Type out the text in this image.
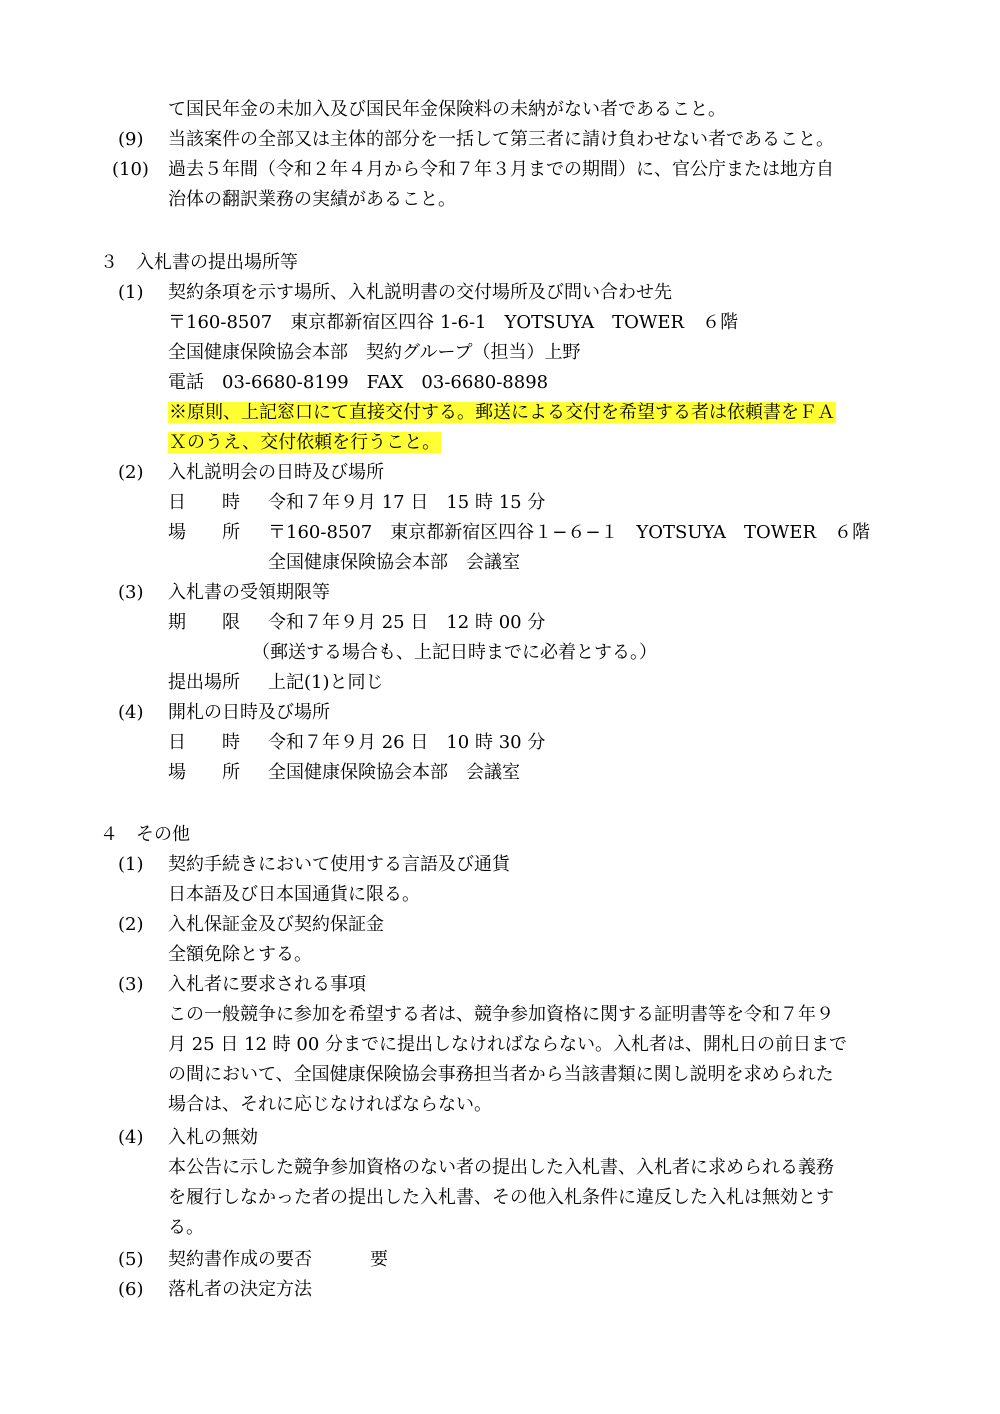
て国民年金の未加入及び国民年金保険料の未納がない者であること。
(9) 当該案件の全部又は主体的部分を一括して第三者に請け負わせない者であること。
(10) 過去５年間（令和２年４月から令和７年３月までの期間）に、官公庁または地方自
治体の翻訳業務の実績があること。
３　入札書の提出場所等
(1) 契約条項を示す場所、入札説明書の交付場所及び問い合わせ先
〒160-8507　東京都新宿区四谷 1-6-1　YOTSUYA　TOWER　６階
全国健康保険協会本部　契約グループ（担当）上野
電話　03-6680-8199　FAX　03-6680-8898
※原則、上記窓口にて直接交付する。郵送による交付を希望する者は依頼書をＦＡ
Ｘのうえ、交付依頼を行うこと。
(2) 入札説明会の日時及び場所
日　　時 令和７年９月 17 日　15 時 15 分
場　　所 〒160-8507　東京都新宿区四谷１−６−１　YOTSUYA　TOWER　６階
全国健康保険協会本部　会議室
(3) 入札書の受領期限等
期　　限 令和７年９月 25 日　12 時 00 分
（郵送する場合も、上記日時までに必着とする。）
提出場所 上記(1)と同じ
(4) 開札の日時及び場所
日　　時 令和７年９月 26 日　10 時 30 分
場　　所 全国健康保険協会本部　会議室
４　その他
(1) 契約手続きにおいて使用する言語及び通貨
日本語及び日本国通貨に限る。
(2) 入札保証金及び契約保証金
全額免除とする。
(3) 入札者に要求される事項
この一般競争に参加を希望する者は、競争参加資格に関する証明書等を令和７年９
月 25 日 12 時 00 分までに提出しなければならない。入札者は、開札日の前日まで
の間において、全国健康保険協会事務担当者から当該書類に関し説明を求められた
場合は、それに応じなければならない。
(4) 入札の無効
本公告に示した競争参加資格のない者の提出した入札書、入札者に求められる義務
を履行しなかった者の提出した入札書、その他入札条件に違反した入札は無効とす
る。
(5) 契約書作成の要否	要
(6) 落札者の決定方法
